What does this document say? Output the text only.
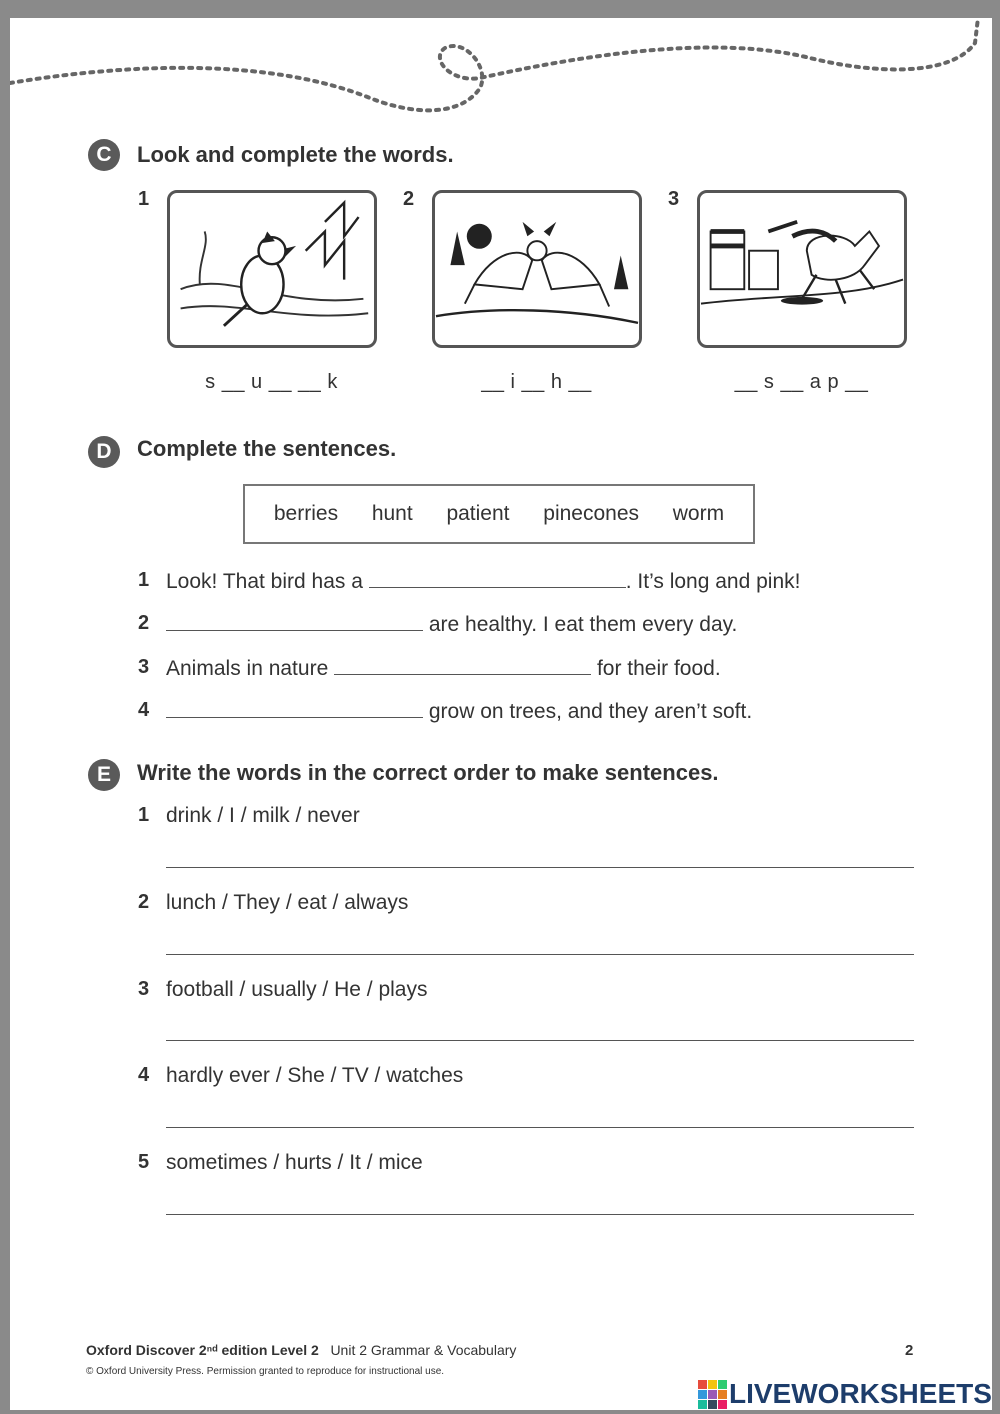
C	Look and complete the words.
1
s __ u __ __ k
2
__ i __ h __
3
__ s __ a p __
D	Complete the sentences.
berries hunt patient pinecones worm
1 Look! That bird has a	. It’s long and pink!
2	are healthy. I eat them every day.
3 Animals in nature	for their food.
4	grow on trees, and they aren’t soft.
E	Write the words in the correct order to make sentences.
1 drink / I / milk / never
2 lunch / They / eat / always
3 football / usually / He / plays
4 hardly ever / She / TV / watches
5 sometimes / hurts / It / mice
Oxford Discover 2ⁿᵈ edition Level 2 Unit 2 Grammar & Vocabulary
© Oxford University Press. Permission granted to reproduce for instructional use.
2
LIVEWORKSHEETS
